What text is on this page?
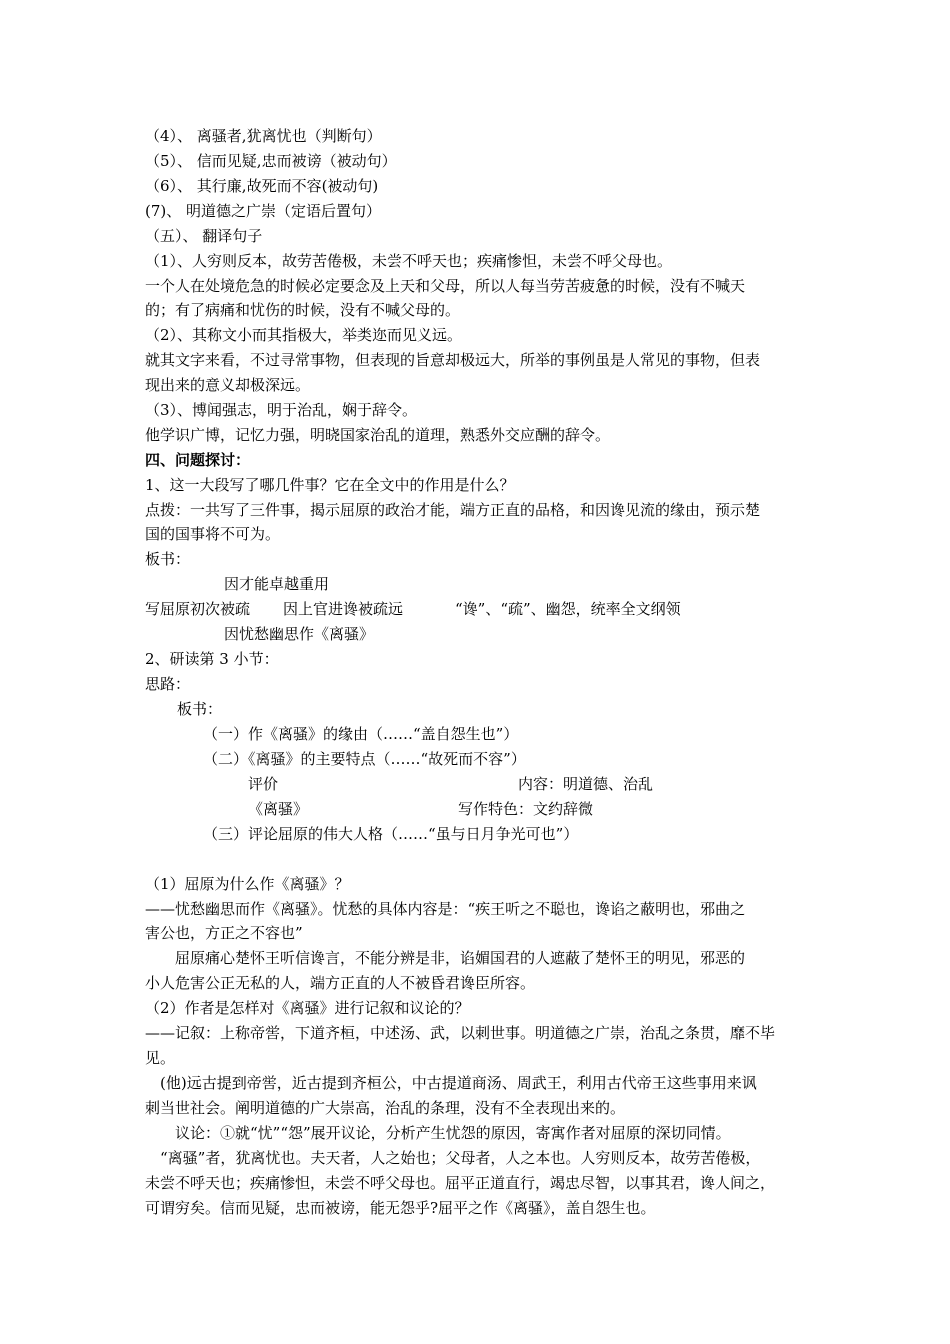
（4）、 离骚者,犹离忧也（判断句）
（5）、 信而见疑,忠而被谤（被动句）
（6）、 其行廉,故死而不容(被动句)
(7)、 明道德之广崇（定语后置句）
（五）、 翻译句子
（1）、人穷则反本，故劳苦倦极，未尝不呼天也；疾痛惨怛，未尝不呼父母也。
一个人在处境危急的时候必定要念及上天和父母，所以人每当劳苦疲惫的时候，没有不喊天
的；有了病痛和忧伤的时候，没有不喊父母的。
（2）、其称文小而其指极大，举类迩而见义远。
就其文字来看，不过寻常事物，但表现的旨意却极远大，所举的事例虽是人常见的事物，但表
现出来的意义却极深远。
（3）、博闻强志，明于治乱，娴于辞令。
他学识广博，记忆力强，明晓国家治乱的道理，熟悉外交应酬的辞令。
四、问题探讨：
1、这一大段写了哪几件事？它在全文中的作用是什么？
点拨：一共写了三件事，揭示屈原的政治才能，端方正直的品格，和因谗见流的缘由，预示楚
国的国事将不可为。
板书：
因才能卓越重用
写屈原初次被疏 因上官进谗被疏远	“谗”、“疏”、幽怨，统率全文纲领
因忧愁幽思作《离骚》
2、研读第 3 小节：
思路：
板书：
（一）作《离骚》的缘由（……“盖自怨生也”）
（二）《离骚》的主要特点（……“故死而不容”）
评价	内容：明道德、治乱
《离骚》	写作特色：文约辞微
（三）评论屈原的伟大人格（……“虽与日月争光可也”）
（1）屈原为什么作《离骚》？
——忧愁幽思而作《离骚》。忧愁的具体内容是：“疾王听之不聪也，谗谄之蔽明也，邪曲之
害公也，方正之不容也”
　　屈原痛心楚怀王听信谗言，不能分辨是非，谄媚国君的人遮蔽了楚怀王的明见，邪恶的
小人危害公正无私的人，端方正直的人不被昏君谗臣所容。
（2）作者是怎样对《离骚》进行记叙和议论的？
——记叙：上称帝喾，下道齐桓，中述汤、武，以刺世事。明道德之广崇，治乱之条贯，靡不毕
见。
　(他)远古提到帝喾，近古提到齐桓公，中古提道商汤、周武王，利用古代帝王这些事用来讽
刺当世社会。阐明道德的广大崇高，治乱的条理，没有不全表现出来的。
　　议论：①就“忧”“怨”展开议论，分析产生忧怨的原因，寄寓作者对屈原的深切同情。
　“离骚”者，犹离忧也。夫天者，人之始也；父母者，人之本也。人穷则反本，故劳苦倦极，
未尝不呼天也；疾痛惨怛，未尝不呼父母也。屈平正道直行，竭忠尽智，以事其君，谗人间之，
可谓穷矣。信而见疑，忠而被谤，能无怨乎?屈平之作《离骚》，盖自怨生也。
